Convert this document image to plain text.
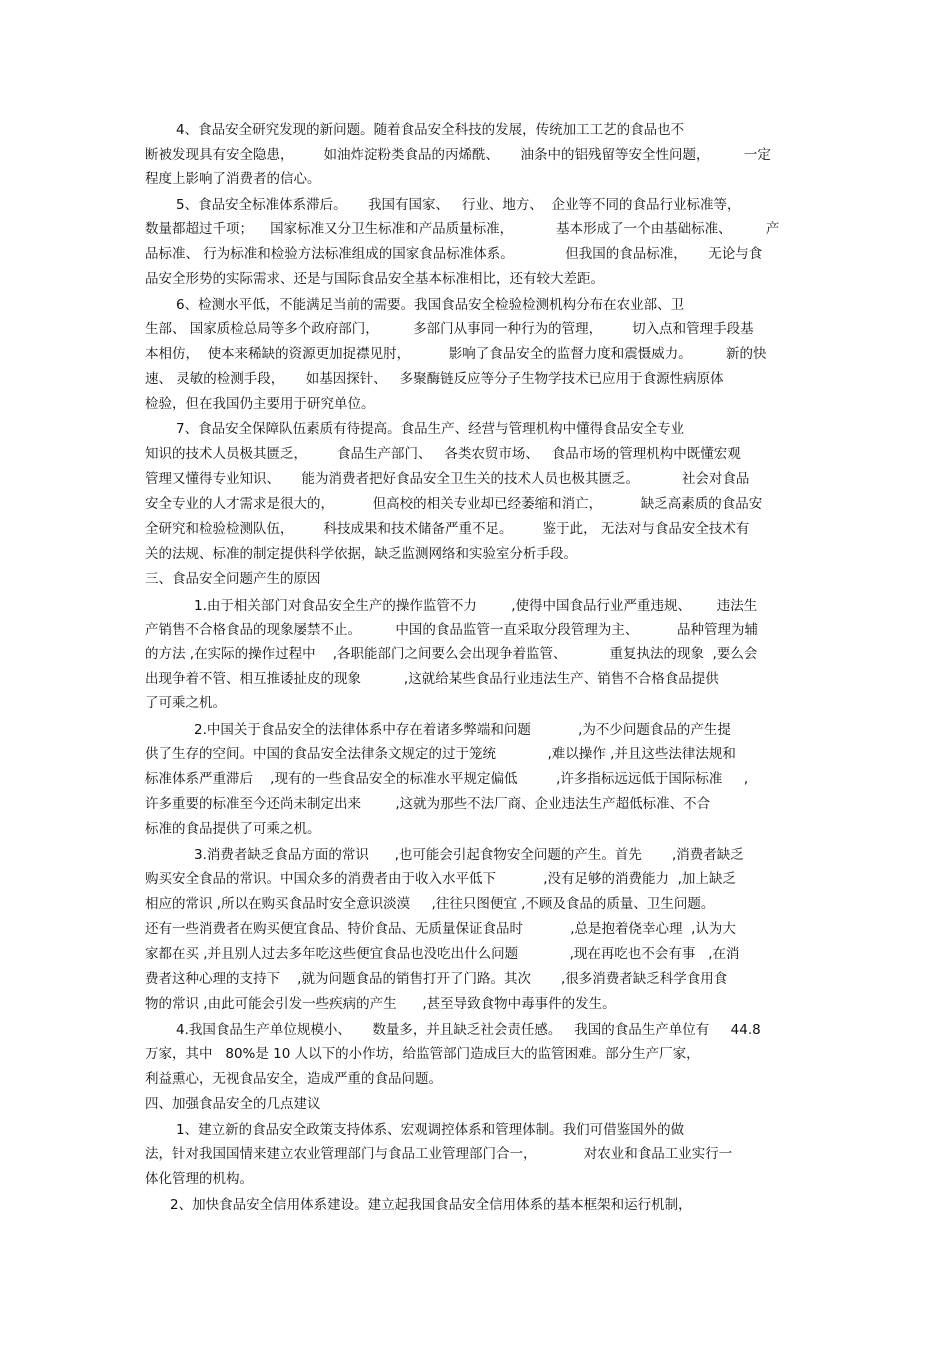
4、食品安全研究发现的新问题。随着食品安全科技的发展，传统加工工艺的食品也不
断被发现具有安全隐患，       如油炸淀粉类食品的丙烯酰、     油条中的铝残留等安全性问题，        一定
程度上影响了消费者的信心。
5、食品安全标准体系滞后。     我国有国家、   行业、地方、  企业等不同的食品行业标准等，
数量都超过千项；    国家标准又分卫生标准和产品质量标准，          基本形成了一个由基础标准、        产
品标准、 行为标准和检验方法标准组成的国家食品标准体系。            但我国的食品标准，     无论与食
品安全形势的实际需求、还是与国际食品安全基本标准相比，还有较大差距。
6、检测水平低，不能满足当前的需要。我国食品安全检验检测机构分布在农业部、卫
生部、 国家质检总局等多个政府部门，        多部门从事同一种行为的管理，       切入点和管理手段基
本相仿，  使本来稀缺的资源更加捉襟见肘，         影响了食品安全的监督力度和震慑威力。        新的快
速、 灵敏的检测手段，     如基因探针、   多聚酶链反应等分子生物学技术已应用于食源性病原体
检验，但在我国仍主要用于研究单位。
7、食品安全保障队伍素质有待提高。食品生产、经营与管理机构中懂得食品安全专业
知识的技术人员极其匮乏，       食品生产部门、   各类农贸市场、   食品市场的管理机构中既懂宏观
管理又懂得专业知识、     能为消费者把好食品安全卫生关的技术人员也极其匮乏。          社会对食品
安全专业的人才需求是很大的，         但高校的相关专业却已经萎缩和消亡，         缺乏高素质的食品安
全研究和检验检测队伍，       科技成果和技术储备严重不足。       鉴于此， 无法对与食品安全技术有
关的法规、标准的制定提供科学依据，缺乏监测网络和实验室分析手段。
三、食品安全问题产生的原因
1.由于相关部门对食品安全生产的操作监管不力        ,使得中国食品行业严重违规、      违法生
产销售不合格食品的现象屡禁不止。        中国的食品监管一直采取分段管理为主、         品种管理为辅
的方法 ,在实际的操作过程中    ,各职能部门之间要么会出现争着监管、          重复执法的现象  ,要么会
出现争着不管、相互推诿扯皮的现象          ,这就给某些食品行业违法生产、销售不合格食品提供
了可乘之机。
2.中国关于食品安全的法律体系中存在着诸多弊端和问题           ,为不少问题食品的产生提
供了生存的空间。中国的食品安全法律条文规定的过于笼统            ,难以操作 ,并且这些法律法规和
标准体系严重滞后    ,现有的一些食品安全的标准水平规定偏低         ,许多指标远远低于国际标准     ,
许多重要的标准至今还尚未制定出来        ,这就为那些不法厂商、企业违法生产超低标准、不合
标准的食品提供了可乘之机。
3.消费者缺乏食品方面的常识      ,也可能会引起食物安全问题的产生。首先       ,消费者缺乏
购买安全食品的常识。中国众多的消费者由于收入水平低下           ,没有足够的消费能力  ,加上缺乏
相应的常识 ,所以在购买食品时安全意识淡漠     ,往往只图便宜 ,不顾及食品的质量、卫生问题。
还有一些消费者在购买便宜食品、特价食品、无质量保证食品时           ,总是抱着侥幸心理  ,认为大
家都在买 ,并且别人过去多年吃这些便宜食品也没吃出什么问题            ,现在再吃也不会有事   ,在消
费者这种心理的支持下    ,就为问题食品的销售打开了门路。其次       ,很多消费者缺乏科学食用食
物的常识 ,由此可能会引发一些疾病的产生      ,甚至导致食物中毒事件的发生。
4.我国食品生产单位规模小、     数量多，并且缺乏社会责任感。   我国的食品生产单位有     44.8
万家，其中   80%是 10 人以下的小作坊，给监管部门造成巨大的监管困难。部分生产厂家，
利益熏心，无视食品安全，造成严重的食品问题。
四、加强食品安全的几点建议
1、建立新的食品安全政策支持体系、宏观调控体系和管理体制。我们可借鉴国外的做
法，针对我国国情来建立农业管理部门与食品工业管理部门合一，           对农业和食品工业实行一
体化管理的机构。
2、加快食品安全信用体系建设。建立起我国食品安全信用体系的基本框架和运行机制，
